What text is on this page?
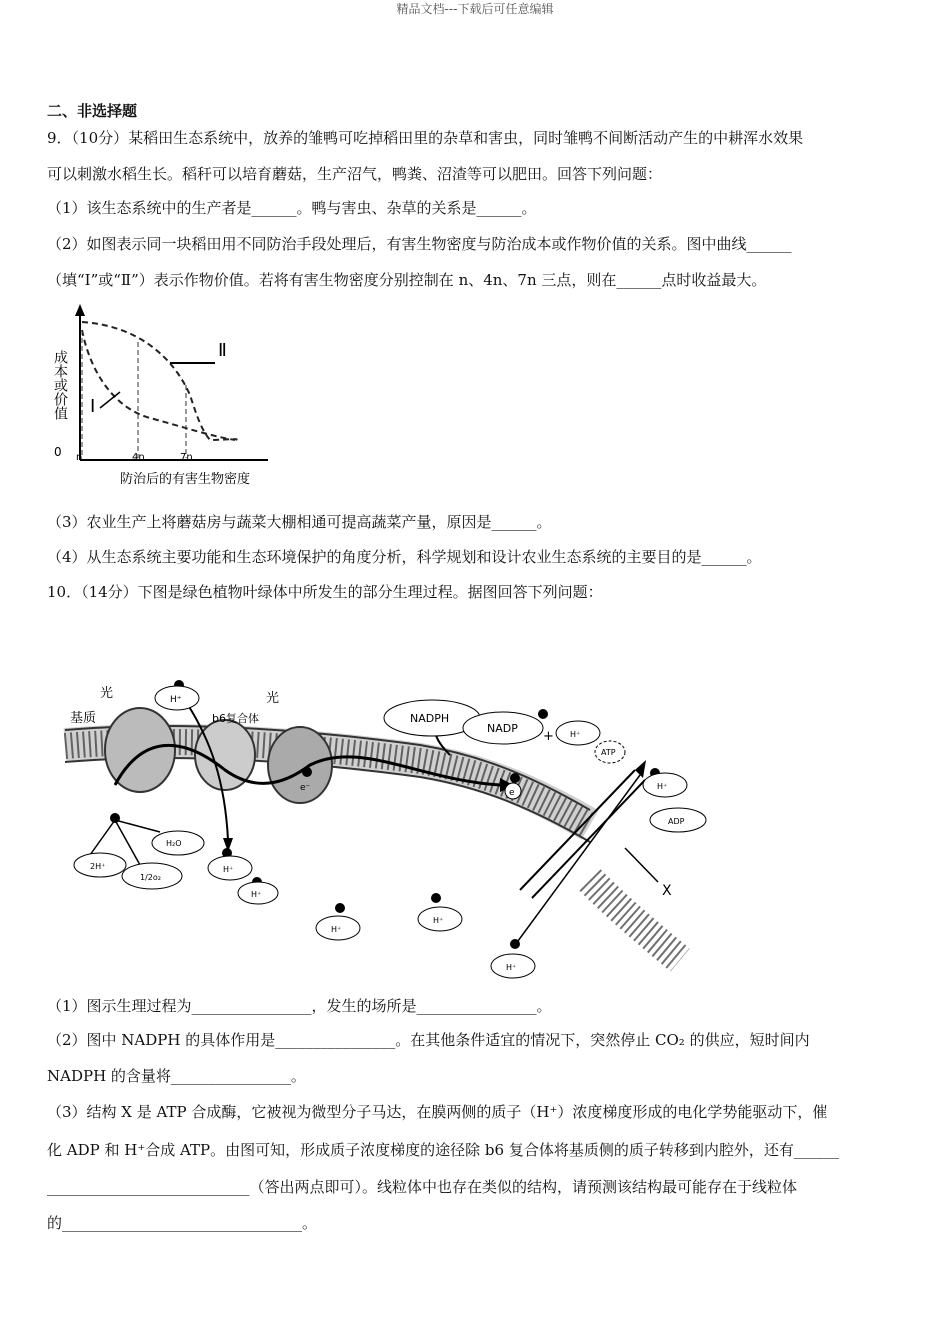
精品文档---下载后可任意编辑
二、非选择题
9．（10分）某稻田生态系统中，放养的雏鸭可吃掉稻田里的杂草和害虫，同时雏鸭不间断活动产生的中耕浑水效果
可以刺激水稻生长。稻秆可以培育蘑菇，生产沼气，鸭粪、沼渣等可以肥田。回答下列问题：
（1）该生态系统中的生产者是______。鸭与害虫、杂草的关系是______。
（2）如图表示同一块稻田用不同防治手段处理后，有害生物密度与防治成本或作物价值的关系。图中曲线______
（填“Ⅰ”或“Ⅱ”）表示作物价值。若将有害生物密度分别控制在 n、4n、7n 三点，则在______点时收益最大。
成本或价值
0
Ⅱ
Ⅰ
n	4n	7n
防治后的有害生物密度
（3）农业生产上将蘑菇房与蔬菜大棚相通可提高蔬菜产量，原因是______。
（4）从生态系统主要功能和生态环境保护的角度分析，科学规划和设计农业生态系统的主要目的是______。
10．（14分）下图是绿色植物叶绿体中所发生的部分生理过程。据图回答下列问题：
光	光
基质	b6复合体
H⁺
NADPH
NADP
+ H⁺
ATP
H⁺
ADP
e⁻	e
H₂O
2H⁺
1/2o₂
H⁺
H⁺
H⁺
H⁺
H⁺
X
（1）图示生理过程为________________，发生的场所是________________。
（2）图中 NADPH 的具体作用是________________。在其他条件适宜的情况下，突然停止 CO₂ 的供应，短时间内
NADPH 的含量将________________。
（3）结构 X 是 ATP 合成酶，它被视为微型分子马达，在膜两侧的质子（H⁺）浓度梯度形成的电化学势能驱动下，催
化 ADP 和 H⁺合成 ATP。由图可知，形成质子浓度梯度的途径除 b6 复合体将基质侧的质子转移到内腔外，还有______
___________________________（答出两点即可）。线粒体中也存在类似的结构，请预测该结构最可能存在于线粒体
的________________________________。
